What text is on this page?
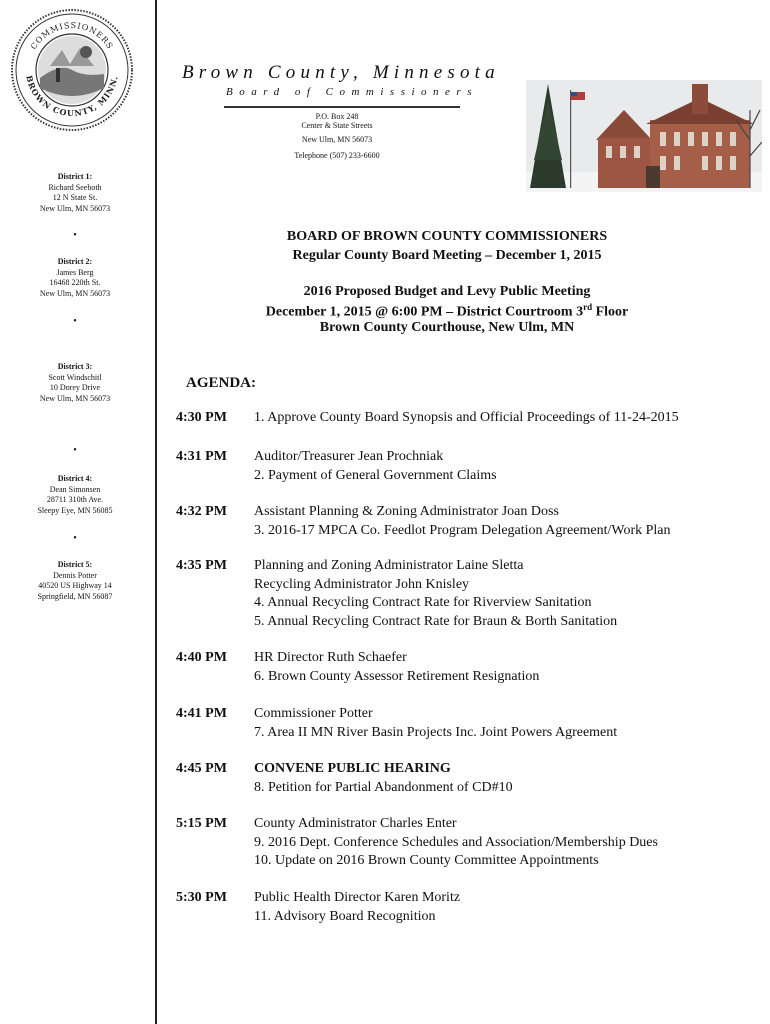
COMMISSIONERS
BROWN COUNTY, MINN.	Brown County, Minnesota
Board of Commissioners
P.O. Box 248
Center & State Streets
New Ulm, MN 56073
Telephone (507) 233-6600
District 1:
Richard Seeboth
12 N State St.
New Ulm, MN 56073
•
District 2:
James Berg
16468 220th St.
New Ulm, MN 56073
•
District 3:
Scott Windschitl
10 Dorey Drive
New Ulm, MN 56073
•
District 4:
Dean Simonsen
28711 310th Ave.
Sleepy Eye, MN 56085
•
District 5:
Dennis Potter
40520 US Highway 14
Springfield, MN 56087
BOARD OF BROWN COUNTY COMMISSIONERS
Regular County Board Meeting – December 1, 2015
2016 Proposed Budget and Levy Public Meeting
December 1, 2015 @ 6:00 PM – District Courtroom 3rd Floor
Brown County Courthouse, New Ulm, MN
AGENDA:
4:30 PM 1. Approve County Board Synopsis and Official Proceedings of 11-24-2015
4:31 PM Auditor/Treasurer Jean Prochniak
2. Payment of General Government Claims
4:32 PM Assistant Planning & Zoning Administrator Joan Doss
3. 2016-17 MPCA Co. Feedlot Program Delegation Agreement/Work Plan
4:35 PM Planning and Zoning Administrator Laine Sletta
Recycling Administrator John Knisley
4. Annual Recycling Contract Rate for Riverview Sanitation
5. Annual Recycling Contract Rate for Braun & Borth Sanitation
4:40 PM HR Director Ruth Schaefer
6. Brown County Assessor Retirement Resignation
4:41 PM Commissioner Potter
7. Area II MN River Basin Projects Inc. Joint Powers Agreement
4:45 PM CONVENE PUBLIC HEARING
8. Petition for Partial Abandonment of CD#10
5:15 PM County Administrator Charles Enter
9. 2016 Dept. Conference Schedules and Association/Membership Dues
10. Update on 2016 Brown County Committee Appointments
5:30 PM Public Health Director Karen Moritz
11. Advisory Board Recognition
